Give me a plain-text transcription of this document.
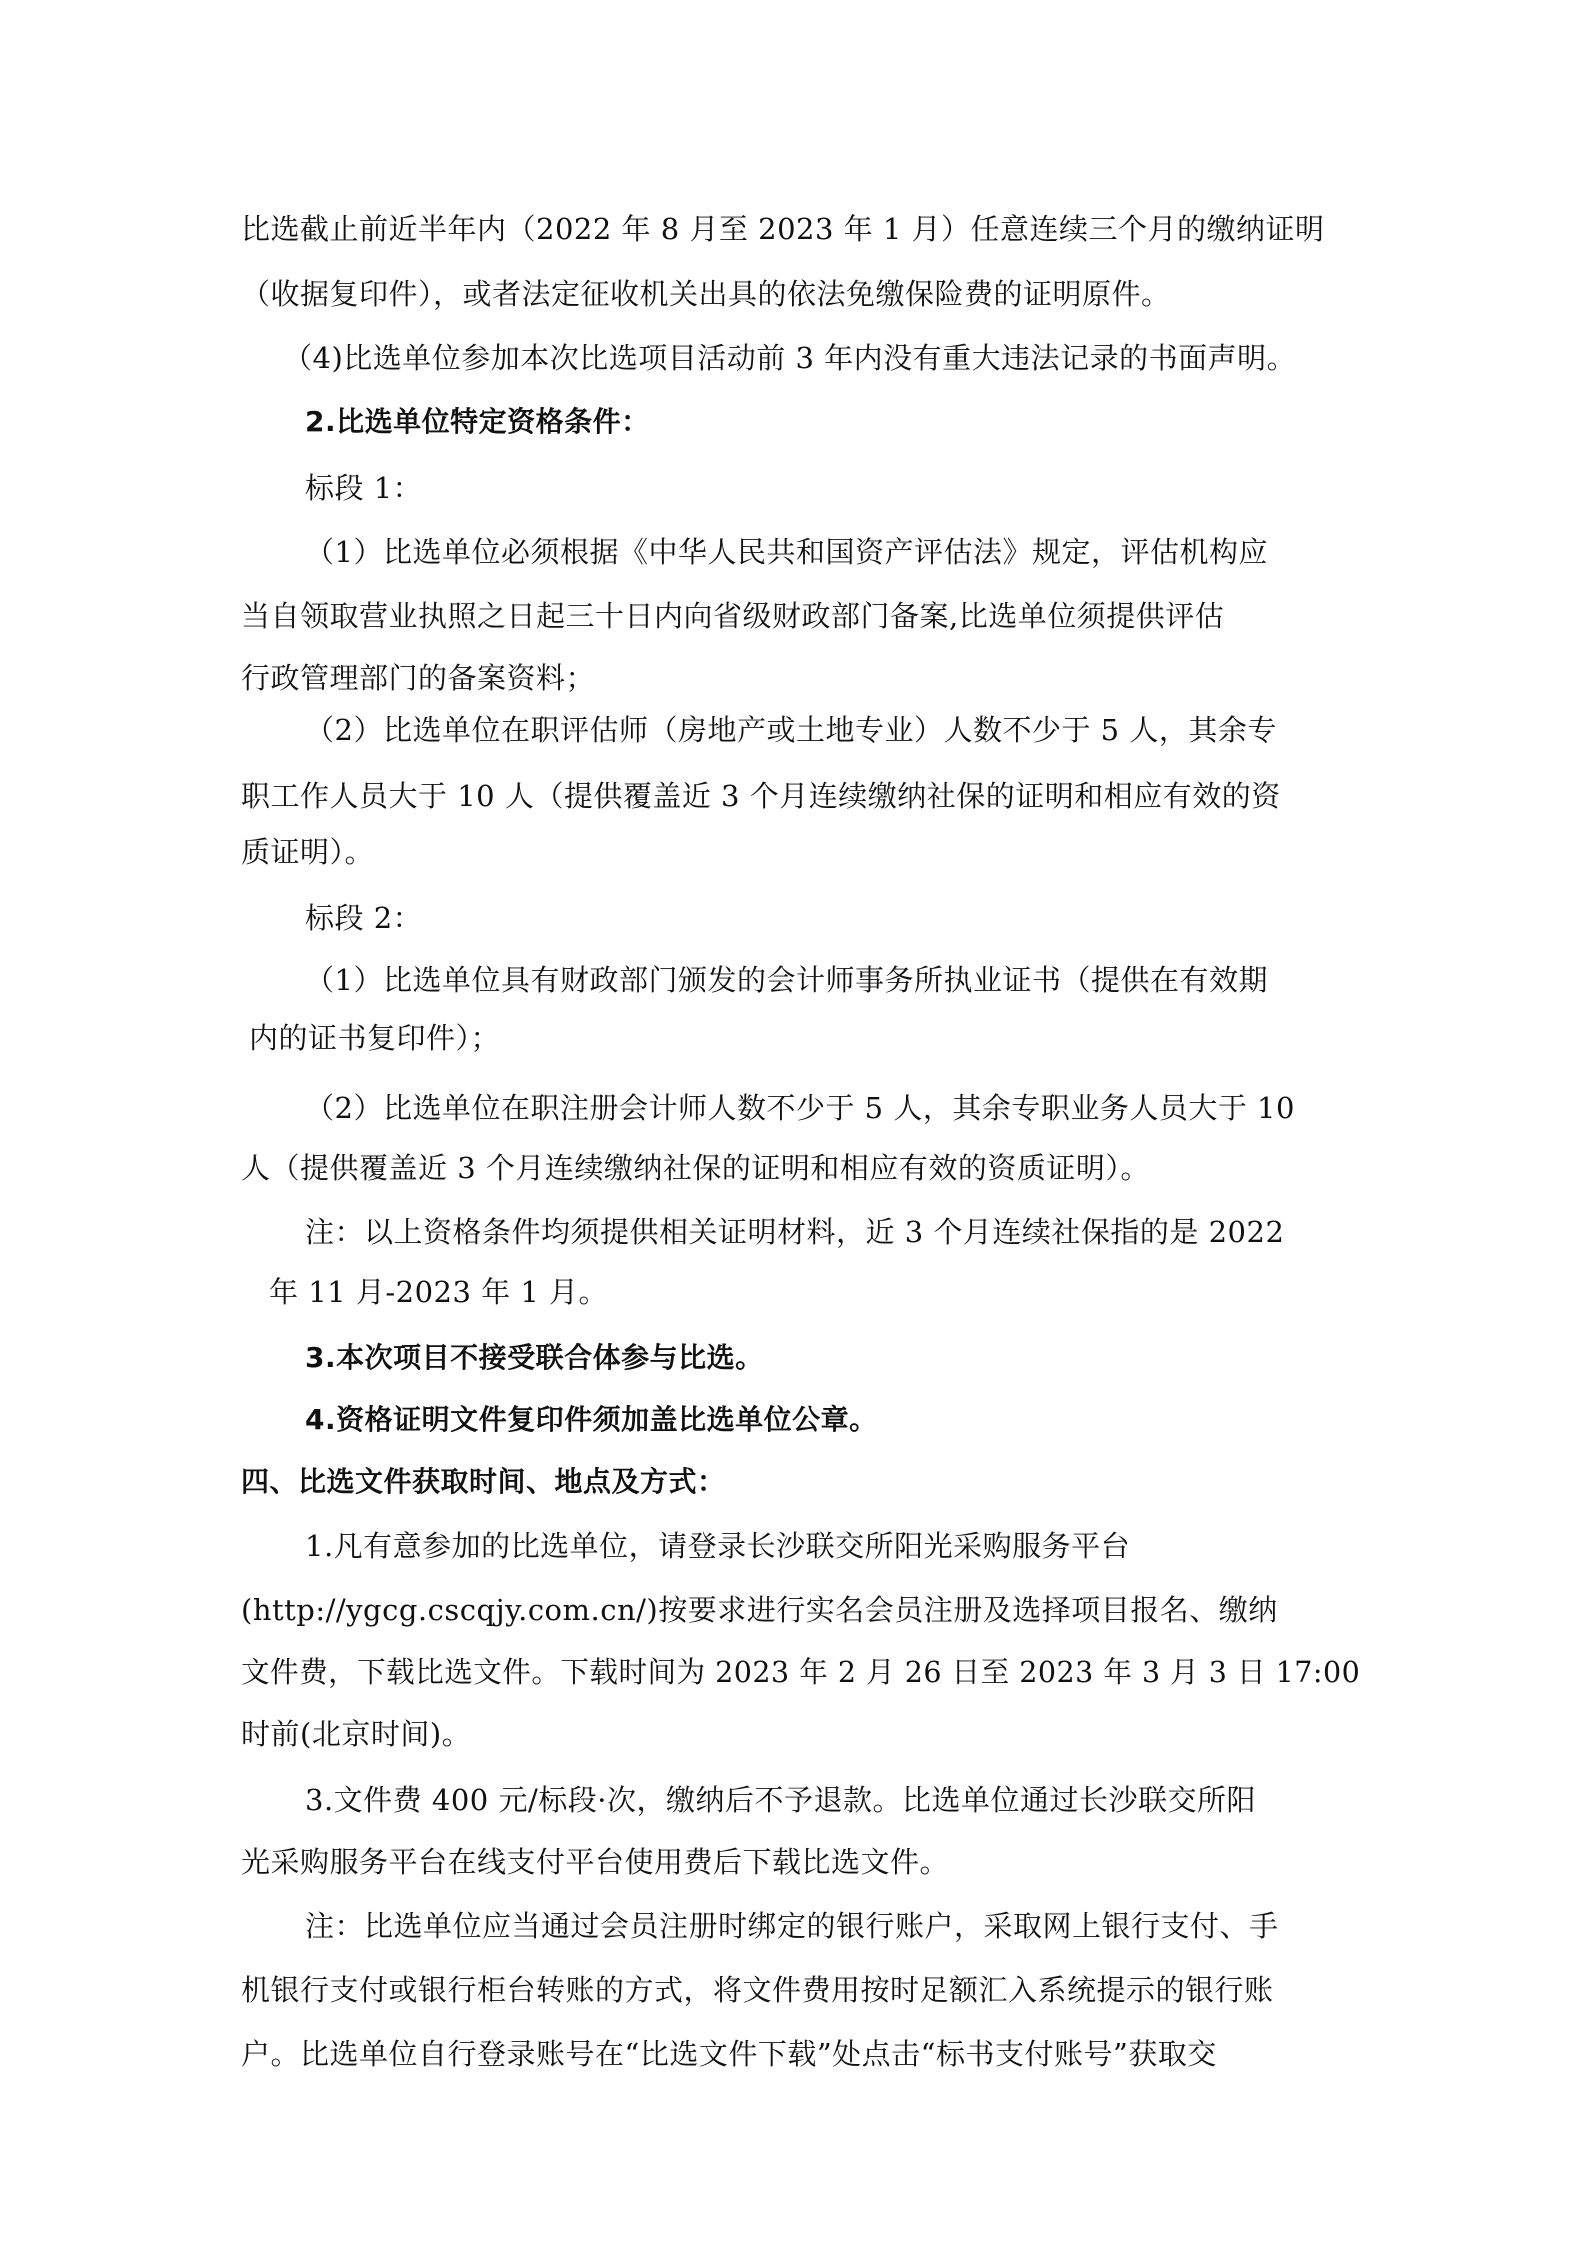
比选截止前近半年内（2022 年 8 月至 2023 年 1 月）任意连续三个月的缴纳证明
（收据复印件），或者法定征收机关出具的依法免缴保险费的证明原件。
（4)比选单位参加本次比选项目活动前 3 年内没有重大违法记录的书面声明。
2.比选单位特定资格条件：
标段 1：
（1）比选单位必须根据《中华人民共和国资产评估法》规定，评估机构应
当自领取营业执照之日起三十日内向省级财政部门备案,比选单位须提供评估
行政管理部门的备案资料；
（2）比选单位在职评估师（房地产或土地专业）人数不少于 5 人，其余专
职工作人员大于 10 人（提供覆盖近 3 个月连续缴纳社保的证明和相应有效的资
质证明）。
标段 2：
（1）比选单位具有财政部门颁发的会计师事务所执业证书（提供在有效期
内的证书复印件）；
（2）比选单位在职注册会计师人数不少于 5 人，其余专职业务人员大于 10
人（提供覆盖近 3 个月连续缴纳社保的证明和相应有效的资质证明）。
注：以上资格条件均须提供相关证明材料，近 3 个月连续社保指的是 2022
年 11 月-2023 年 1 月。
3.本次项目不接受联合体参与比选。
4.资格证明文件复印件须加盖比选单位公章。
四、比选文件获取时间、地点及方式：
1.凡有意参加的比选单位，请登录长沙联交所阳光采购服务平台
(http://ygcg.cscqjy.com.cn/)按要求进行实名会员注册及选择项目报名、缴纳
文件费，下载比选文件。下载时间为 2023 年 2 月 26 日至 2023 年 3 月 3 日 17:00
时前(北京时间)。
3.文件费 400 元/标段·次，缴纳后不予退款。比选单位通过长沙联交所阳
光采购服务平台在线支付平台使用费后下载比选文件。
注：比选单位应当通过会员注册时绑定的银行账户，采取网上银行支付、手
机银行支付或银行柜台转账的方式，将文件费用按时足额汇入系统提示的银行账
户。比选单位自行登录账号在“比选文件下载”处点击“标书支付账号”获取交
